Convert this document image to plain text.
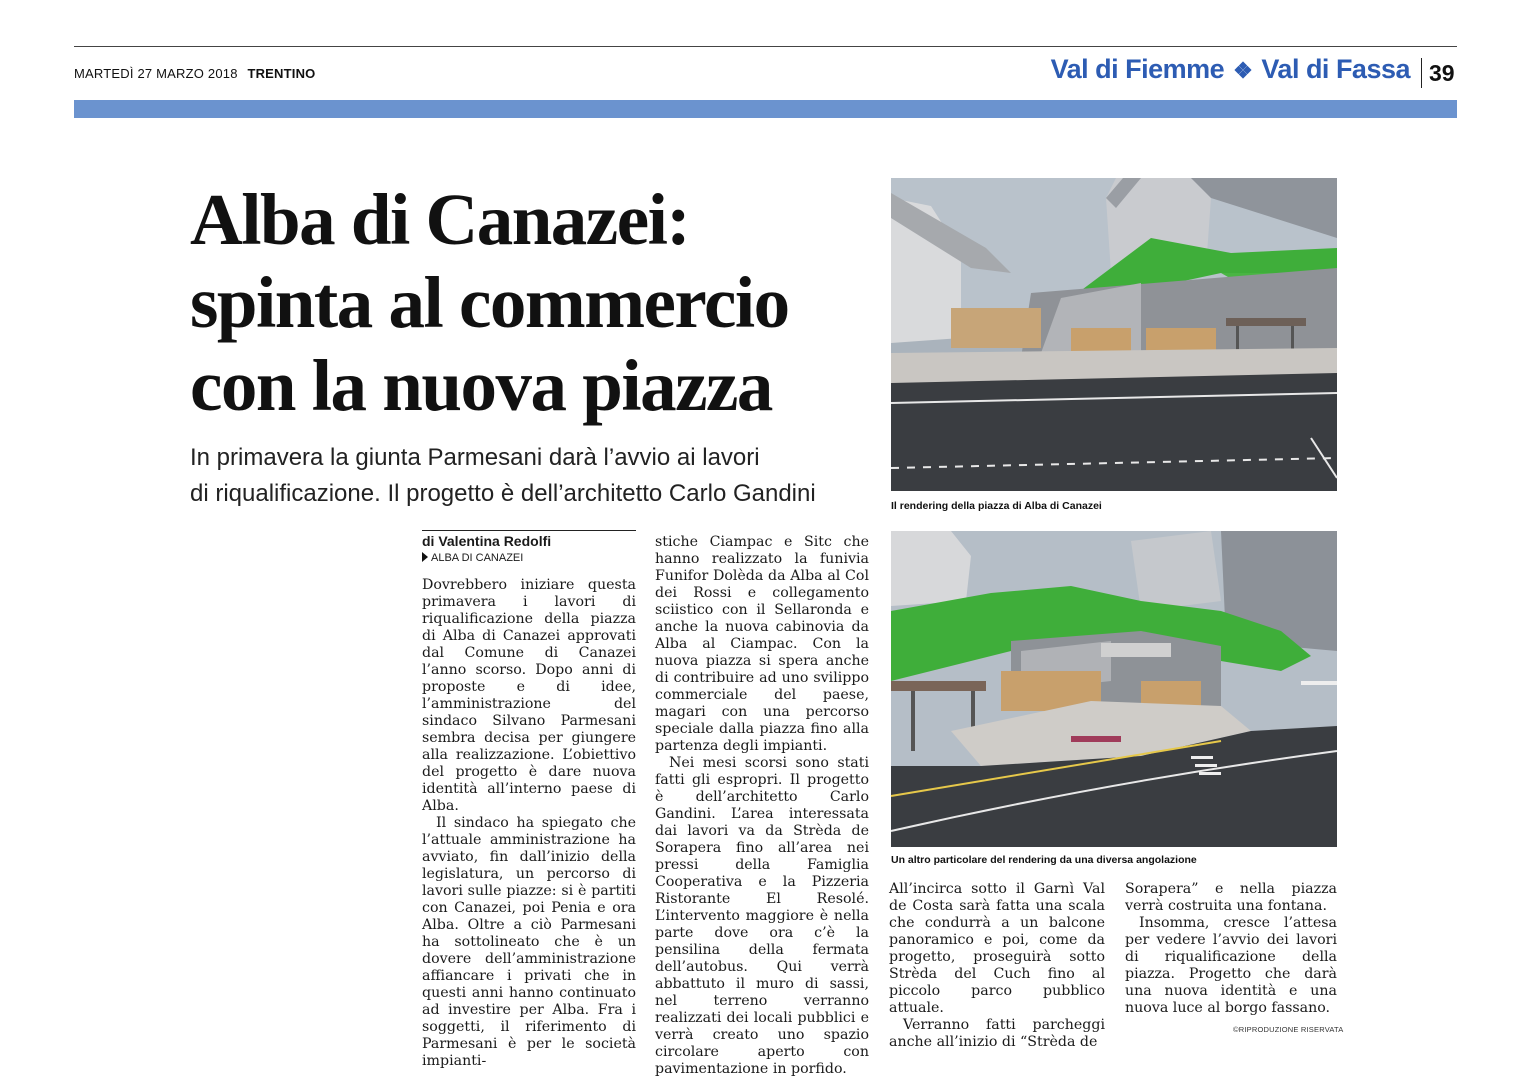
MARTEDÌ 27 MARZO 2018 TRENTINO	Val di Fiemme ❖ Val di Fassa 39
Alba di Canazei:
spinta al commercio
con la nuova piazza
In primavera la giunta Parmesani darà l’avvio ai lavori
di riqualificazione. Il progetto è dell’architetto Carlo Gandini
di Valentina Redolfi
ALBA DI CANAZEI

Dovrebbero iniziare questa primavera i lavori di riqualificazione della piazza di Alba di Canazei approvati dal Comune di Canazei l’anno scorso. Dopo anni di proposte e di idee, l’amministrazione del sindaco Silvano Parmesani sembra decisa per giungere alla realizzazione. L’obiettivo del progetto è dare nuova identità all’interno paese di Alba.

Il sindaco ha spiegato che l’attuale amministrazione ha avviato, fin dall’inizio della legislatura, un percorso di lavori sulle piazze: si è partiti con Canazei, poi Penia e ora Alba. Oltre a ciò Parmesani ha sottolineato che è un dovere dell’amministrazione affiancare i privati che in questi anni hanno continuato ad investire per Alba. Fra i soggetti, il riferimento di Parmesani è per le società impianti-

stiche Ciampac e Sitc che hanno realizzato la funivia Funifor Dolèda da Alba al Col dei Rossi e collegamento sciistico con il Sellaronda e anche la nuova cabinovia da Alba al Ciampac. Con la nuova piazza si spera anche di contribuire ad uno svilippo commerciale del paese, magari con una percorso speciale dalla piazza fino alla partenza degli impianti.

Nei mesi scorsi sono stati fatti gli espropri. Il progetto è dell’architetto Carlo Gandini. L’area interessata dai lavori va da Strèda de Sorapera fino all’area nei pressi della Famiglia Cooperativa e la Pizzeria Ristorante El Resolé. L’intervento maggiore è nella parte dove ora c’è la pensilina della fermata dell’autobus. Qui verrà abbattuto il muro di sassi, nel terreno verranno realizzati dei locali pubblici e verrà creato uno spazio circolare aperto con pavimentazione in porfido.

All’incirca sotto il Garnì Val de Costa sarà fatta una scala che condurrà a un balcone panoramico e poi, come da progetto, proseguirà sotto Strèda del Cuch fino al piccolo parco pubblico attuale.

Verranno fatti parcheggi anche all’inizio di “Strèda de

Sorapera” e nella piazza verrà costruita una fontana.

Insomma, cresce l’attesa per vedere l’avvio dei lavori di riqualificazione della piazza. Progetto che darà una nuova identità e una nuova luce al borgo fassano.

©RIPRODUZIONE RISERVATA
Il rendering della piazza di Alba di Canazei
Un altro particolare del rendering da una diversa angolazione
